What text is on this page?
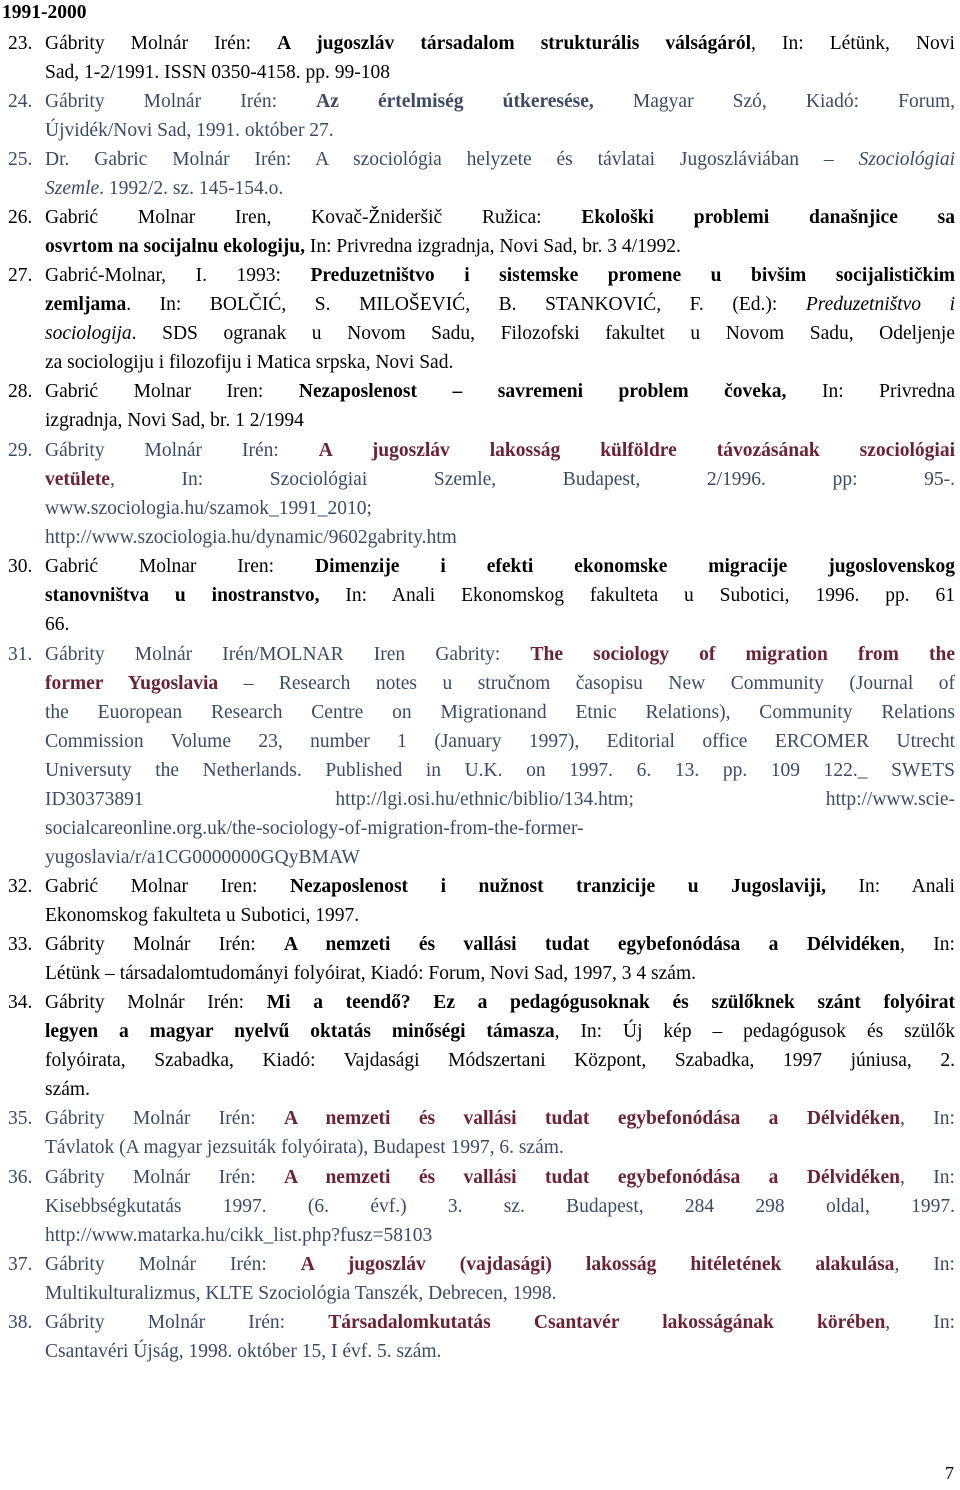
1991-2000
23. Gábrity Molnár Irén: A jugoszláv társadalom strukturális válságáról, In: Létünk, Novi
Sad, 1-2/1991. ISSN 0350-4158. pp. 99-108
24. Gábrity Molnár Irén: Az értelmiség útkeresése, Magyar Szó, Kiadó: Forum,
Újvidék/Novi Sad, 1991. október 27.
25. Dr. Gabric Molnár Irén: A szociológia helyzete és távlatai Jugoszláviában – Szociológiai
Szemle. 1992/2. sz. 145-154.o.
26. Gabrić Molnar Iren, Kovač-Žnideršič Ružica: Ekološki problemi današnjice sa
osvrtom na socijalnu ekologiju, In: Privredna izgradnja, Novi Sad, br. 3 4/1992.
27. Gabrić-Molnar, I. 1993: Preduzetništvo i sistemske promene u bivšim socijalističkim
zemljama. In: BOLČIĆ, S. MILOŠEVIĆ, B. STANKOVIĆ, F. (Ed.): Preduzetništvo i
sociologija. SDS ogranak u Novom Sadu, Filozofski fakultet u Novom Sadu, Odeljenje
za sociologiju i filozofiju i Matica srpska, Novi Sad.
28. Gabrić Molnar Iren: Nezaposlenost – savremeni problem čoveka, In: Privredna
izgradnja, Novi Sad, br. 1 2/1994
29. Gábrity Molnár Irén: A jugoszláv lakosság külföldre távozásának szociológiai
vetülete, In: Szociológiai Szemle, Budapest, 2/1996. pp: 95-.
www.szociologia.hu/szamok_1991_2010;
http://www.szociologia.hu/dynamic/9602gabrity.htm
30. Gabrić Molnar Iren: Dimenzije i efekti ekonomske migracije jugoslovenskog
stanovništva u inostranstvo, In: Anali Ekonomskog fakulteta u Subotici, 1996. pp. 61
66.
31. Gábrity Molnár Irén/MOLNAR Iren Gabrity: The sociology of migration from the
former Yugoslavia – Research notes u stručnom časopisu New Community (Journal of
the Euoropean Research Centre on Migrationand Etnic Relations), Community Relations
Commission Volume 23, number 1 (January 1997), Editorial office ERCOMER Utrecht
Universuty the Netherlands. Published in U.K. on 1997. 6. 13. pp. 109 122._ SWETS
ID30373891 http://lgi.osi.hu/ethnic/biblio/134.htm; http://www.scie-
socialcareonline.org.uk/the-sociology-of-migration-from-the-former-
yugoslavia/r/a1CG0000000GQyBMAW
32. Gabrić Molnar Iren: Nezaposlenost i nužnost tranzicije u Jugoslaviji, In: Anali
Ekonomskog fakulteta u Subotici, 1997.
33. Gábrity Molnár Irén: A nemzeti és vallási tudat egybefonódása a Délvidéken, In:
Létünk – társadalomtudományi folyóirat, Kiadó: Forum, Novi Sad, 1997, 3 4 szám.
34. Gábrity Molnár Irén: Mi a teendő? Ez a pedagógusoknak és szülőknek szánt folyóirat
legyen a magyar nyelvű oktatás minőségi támasza, In: Új kép – pedagógusok és szülők
folyóirata, Szabadka, Kiadó: Vajdasági Módszertani Központ, Szabadka, 1997 júniusa, 2.
szám.
35. Gábrity Molnár Irén: A nemzeti és vallási tudat egybefonódása a Délvidéken, In:
Távlatok (A magyar jezsuiták folyóirata), Budapest 1997, 6. szám.
36. Gábrity Molnár Irén: A nemzeti és vallási tudat egybefonódása a Délvidéken, In:
Kisebbségkutatás 1997. (6. évf.) 3. sz. Budapest, 284 298 oldal, 1997.
http://www.matarka.hu/cikk_list.php?fusz=58103
37. Gábrity Molnár Irén: A jugoszláv (vajdasági) lakosság hitéletének alakulása, In:
Multikulturalizmus, KLTE Szociológia Tanszék, Debrecen, 1998.
38. Gábrity Molnár Irén: Társadalomkutatás Csantavér lakosságának körében, In:
Csantavéri Újság, 1998. október 15, I évf. 5. szám.
7
